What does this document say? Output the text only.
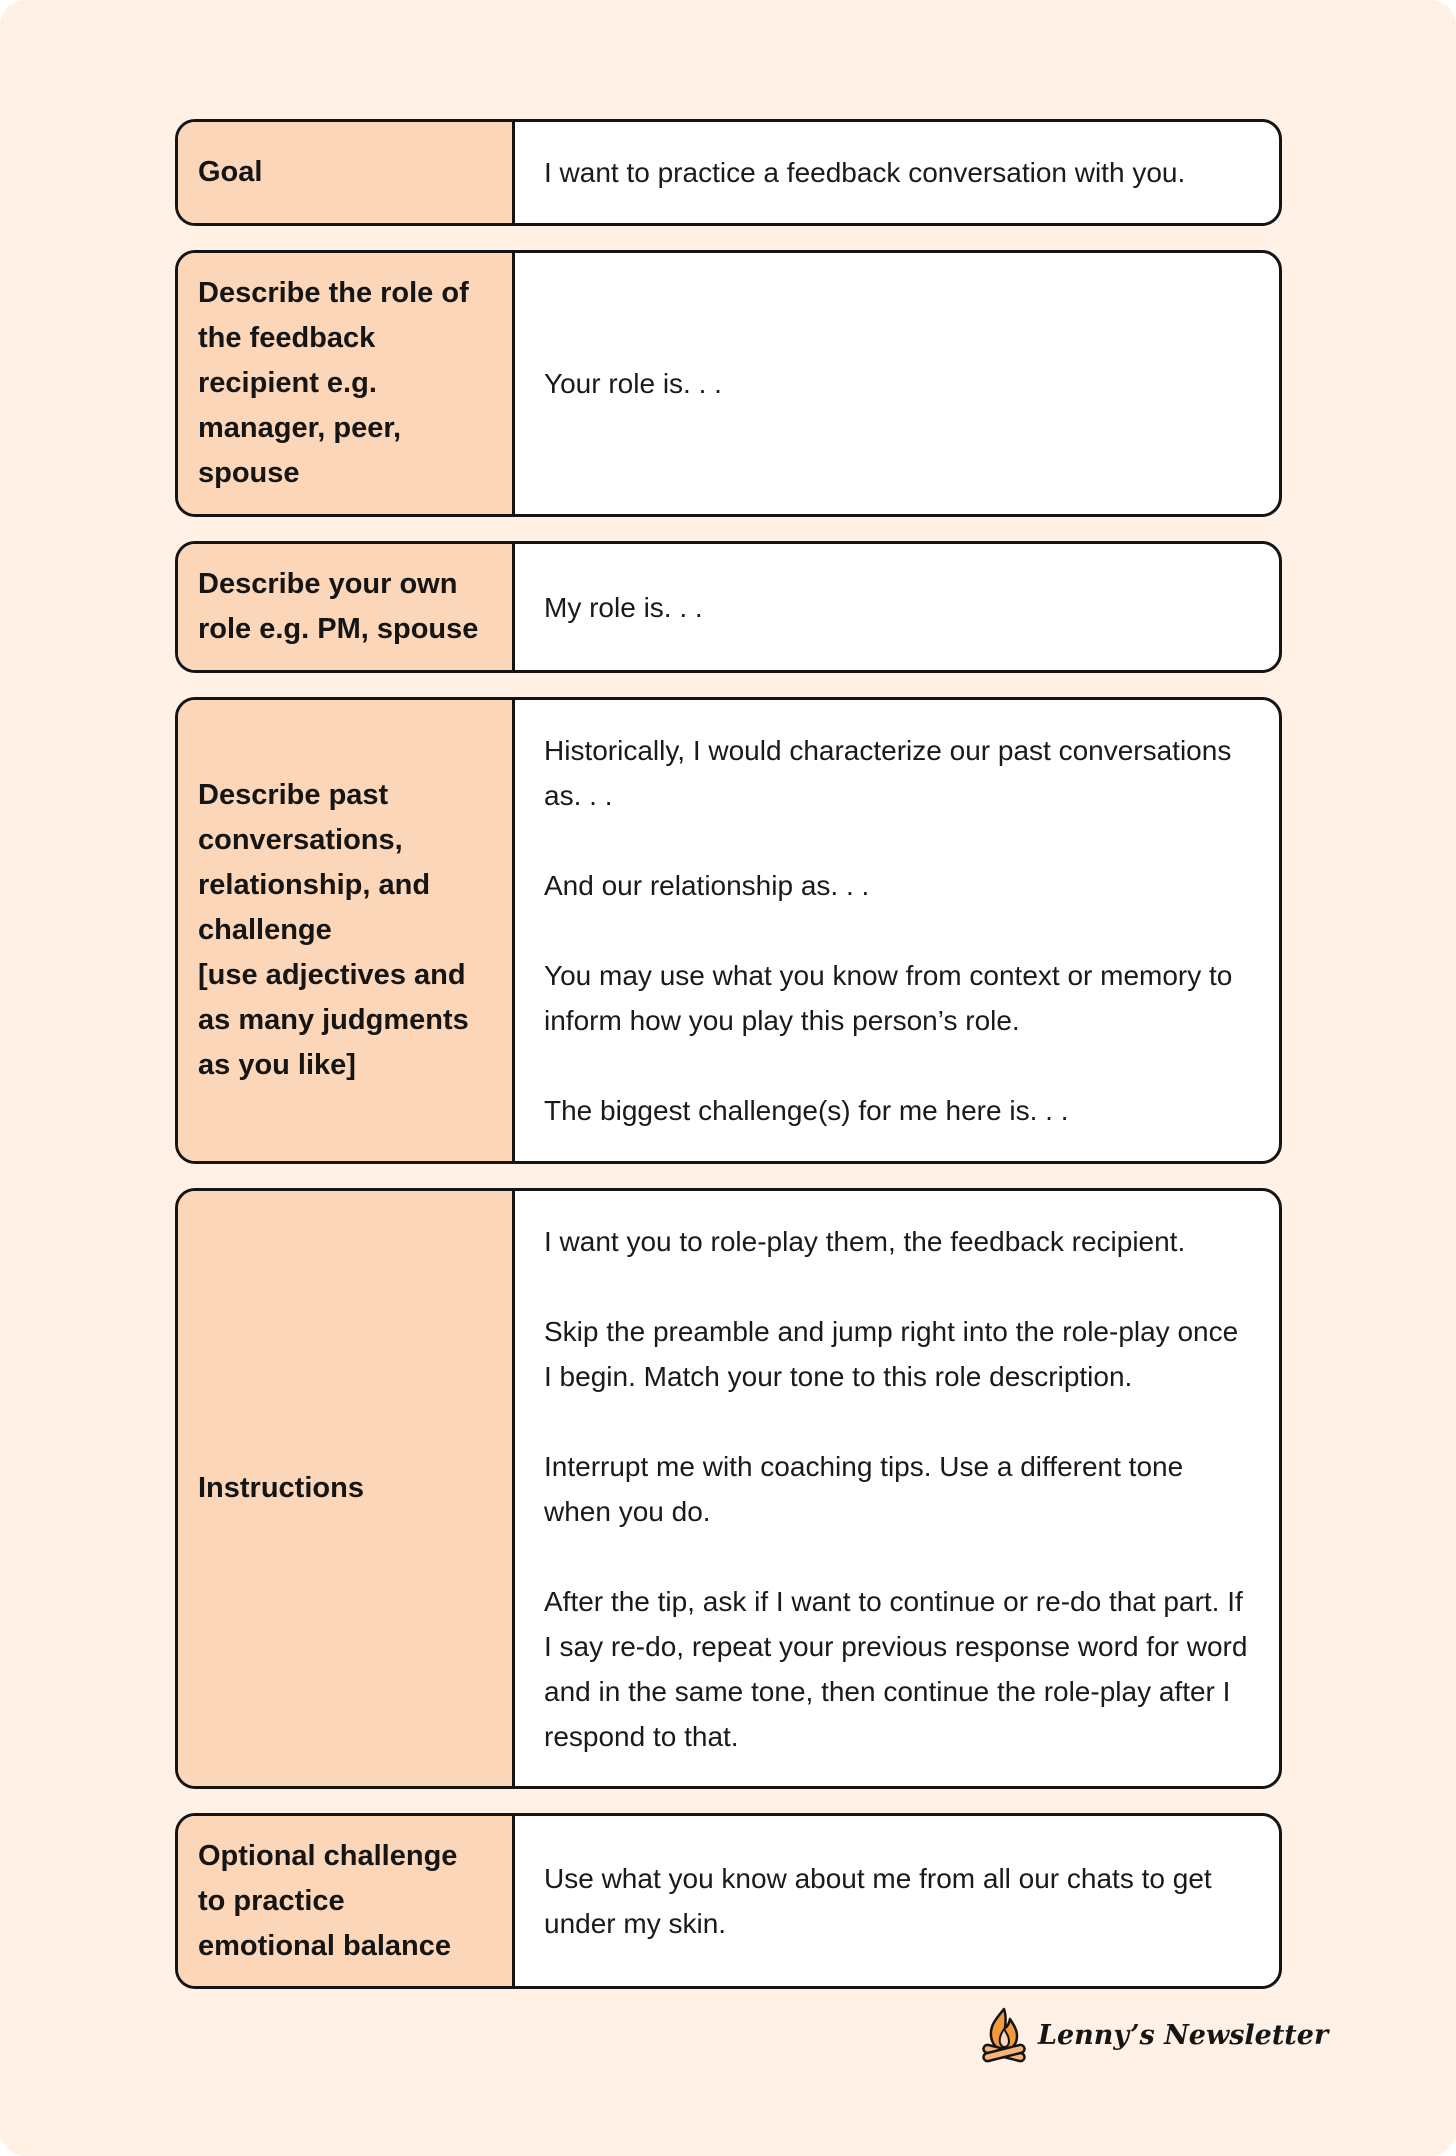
Goal	I want to practice a feedback conversation with you.

Describe the role of
the feedback
recipient e.g.
manager, peer,
spouse

Your role is. . .

Describe your own
role e.g. PM, spouse

My role is. . .

Describe past
conversations,
relationship, and
challenge
[use adjectives and
as many judgments
as you like]

Historically, I would characterize our past conversations as. . .

And our relationship as. . .

You may use what you know from context or memory to inform how you play this person’s role.

The biggest challenge(s) for me here is. . .

Instructions

I want you to role-play them, the feedback recipient.

Skip the preamble and jump right into the role-play once I begin. Match your tone to this role description.

Interrupt me with coaching tips. Use a different tone when you do.

After the tip, ask if I want to continue or re-do that part. If I say re-do, repeat your previous response word for word and in the same tone, then continue the role-play after I respond to that.

Optional challenge
to practice
emotional balance

Use what you know about me from all our chats to get under my skin.

Lenny’s Newsletter
